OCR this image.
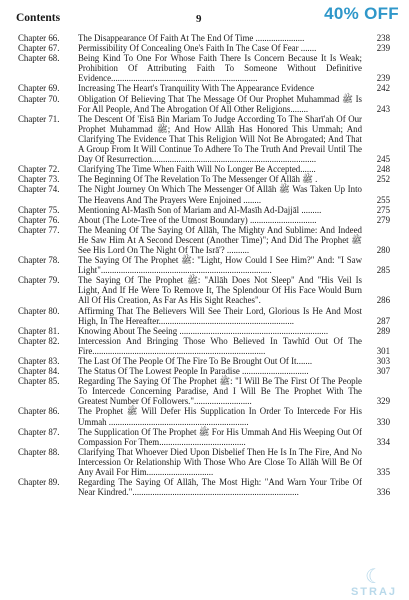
Contents	9	40% OFF
Chapter 66.	The Disappearance Of Faith At The End Of Time ......................	238
Chapter 67.	Permissibility Of Concealing One's Faith In The Case Of Fear .......	239
Chapter 68.	Being Kind To One For Whose Faith There Is Concern Because It Is Weak; Prohibition Of Attributing Faith To Someone Without Definitive Evidence..................................................................	239
Chapter 69.	Increasing The Heart's Tranquility With The Appearance Evidence	242
Chapter 70.	Obligation Of Believing That The Message Of Our Prophet Muhammad ﷺ Is For All People, And The Abrogation Of All Other Religions........	243
Chapter 71.	The Descent Of 'Eisā Bin Mariam To Judge According To The Sharī'ah Of Our Prophet Muhammad ﷺ; And How Allāh Has Honored This Ummah; And Clarifying The Evidence That This Religion Will Not Be Abrogated; And That A Group From It Will Continue To Adhere To The Truth And Prevail Until The Day Of Resurrection..........................................................................	245
Chapter 72.	Clarifying The Time When Faith Will No Longer Be Accepted.......	248
Chapter 73.	The Beginning Of The Revelation To The Messenger Of Allāh ﷺ .	252
Chapter 74.	The Night Journey On Which The Messenger Of Allāh ﷺ Was Taken Up Into The Heavens And The Prayers Were Enjoined ........	255
Chapter 75.	Mentioning Al-Masīh Son of Mariam and Al-Masīh Ad-Dajjāl .........	275
Chapter 76.	About (The Lote-Tree of the Utmost Boundary) ..............................	279
Chapter 77.	The Meaning Of The Saying Of Allāh, The Mighty And Sublime: And Indeed He Saw Him At A Second Descent (Another Time)"; And Did The Prophet ﷺ See His Lord On The Night Of The Isrā'? ..........	280
Chapter 78.	The Saying Of The Prophet ﷺ: "Light, How Could I See Him?" And: "I Saw Light".............................................................................	285
Chapter 79.	The Saying Of The Prophet ﷺ: "Allāh Does Not Sleep" And "His Veil Is Light, And If He Were To Remove It, The Splendour Of His Face Would Burn All Of His Creation, As Far As His Sight Reaches".	286
Chapter 80.	Affirming That The Believers Will See Their Lord, Glorious Is He And Most High, In The Hereafter.............................................................	287
Chapter 81.	Knowing About The Seeing ...................................................................	289
Chapter 82.	Intercession And Bringing Those Who Believed In Tawhīd Out Of The Fire..............................................................................	301
Chapter 83.	The Last Of The People Of The Fire To Be Brought Out Of It.......	303
Chapter 84.	The Status Of The Lowest People In Paradise ..............................	307
Chapter 85.	Regarding The Saying Of The Prophet ﷺ: "I Will Be The First Of The People To Intercede Concerning Paradise, And I Will Be The Prophet With The Greatest Number Of Followers."..........................	329
Chapter 86.	The Prophet ﷺ Will Defer His Supplication In Order To Intercede For His Ummah ...............................................................	330
Chapter 87.	The Supplication Of The Prophet ﷺ For His Ummah And His Weeping Out Of Compassion For Them.......................................	334
Chapter 88.	Clarifying That Whoever Died Upon Disbelief Then He Is In The Fire, And No Intercession Or Relationship With Those Who Are Close To Allāh Will Be Of Any Avail For Him..............................	335
Chapter 89.	Regarding The Saying Of Allāh, The Most High: "And Warn Your Tribe Of Near Kindred."...........................................................................	336
☾
STRAJ
